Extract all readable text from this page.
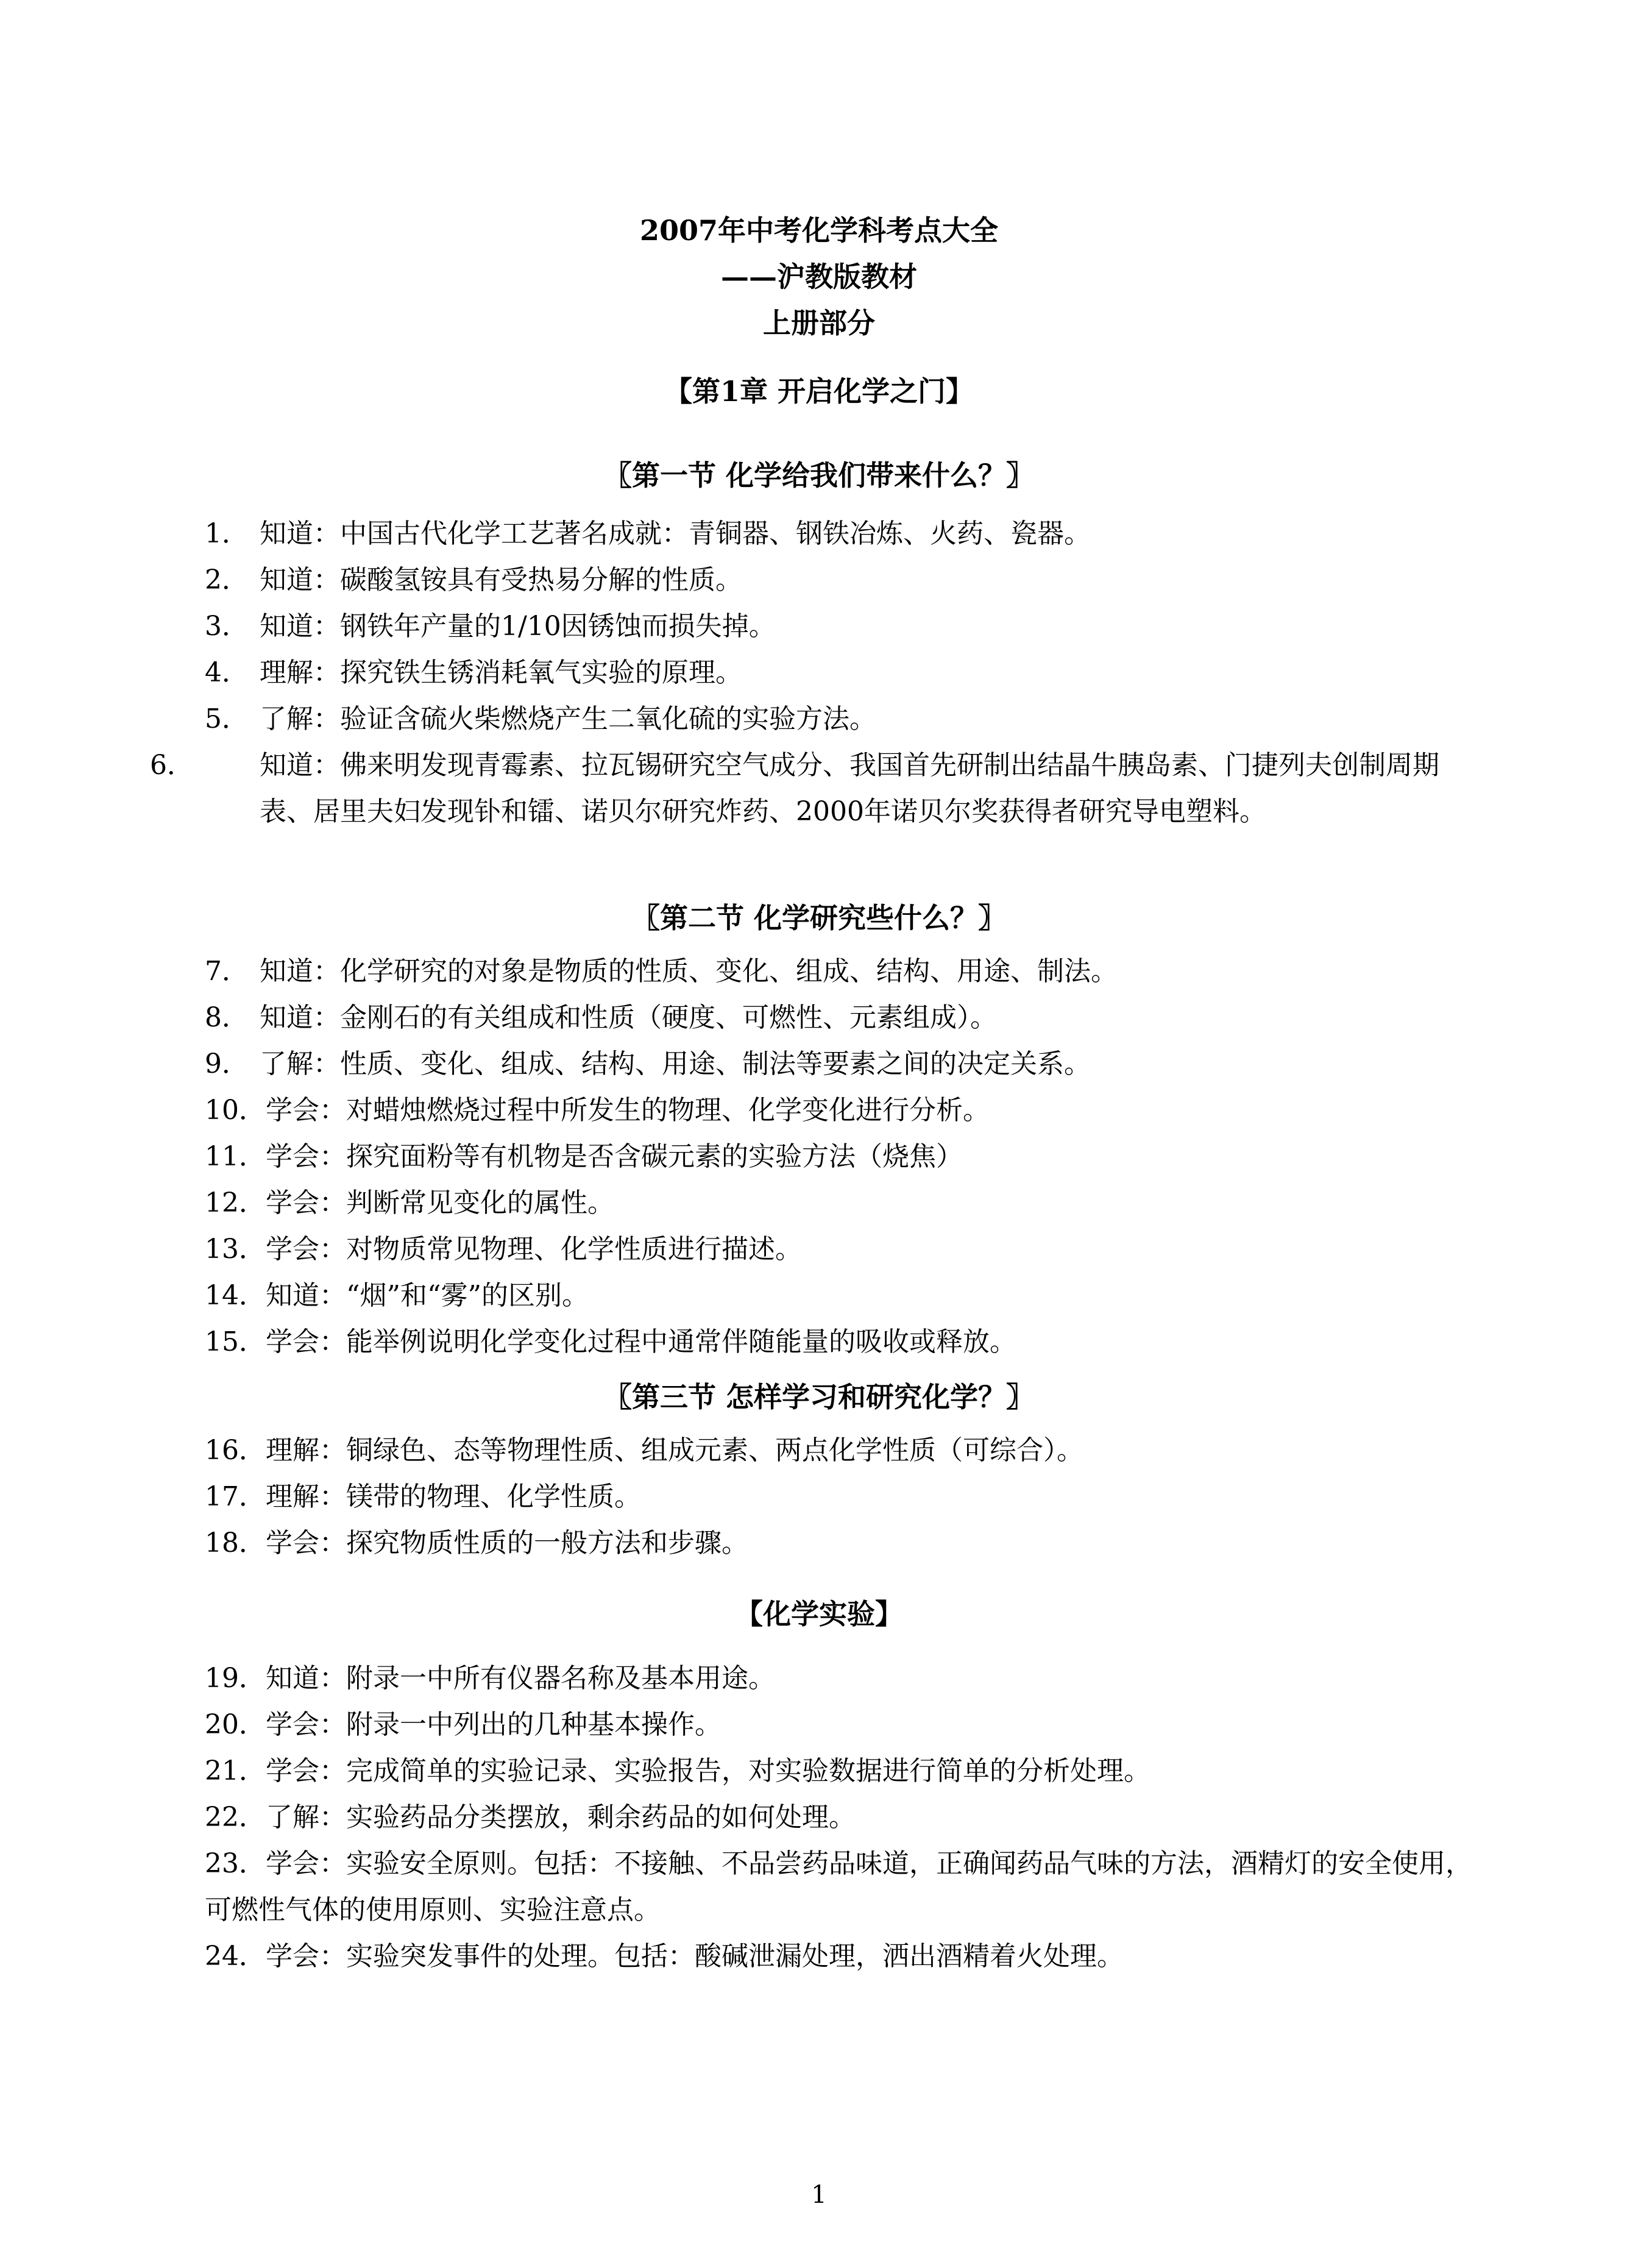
2007年中考化学科考点大全
——沪教版教材
上册部分
【第1章 开启化学之门】
〖第一节 化学给我们带来什么？〗
1． 知道：中国古代化学工艺著名成就：青铜器、钢铁冶炼、火药、瓷器。
2． 知道：碳酸氢铵具有受热易分解的性质。
3． 知道：钢铁年产量的1/10因锈蚀而损失掉。
4． 理解：探究铁生锈消耗氧气实验的原理。
5． 了解：验证含硫火柴燃烧产生二氧化硫的实验方法。
6． 知道：佛来明发现青霉素、拉瓦锡研究空气成分、我国首先研制出结晶牛胰岛素、门捷列夫创制周期表、居里夫妇发现钋和镭、诺贝尔研究炸药、2000年诺贝尔奖获得者研究导电塑料。
〖第二节 化学研究些什么？〗
7． 知道：化学研究的对象是物质的性质、变化、组成、结构、用途、制法。
8． 知道：金刚石的有关组成和性质（硬度、可燃性、元素组成）。
9． 了解：性质、变化、组成、结构、用途、制法等要素之间的决定关系。
10．学会：对蜡烛燃烧过程中所发生的物理、化学变化进行分析。
11．学会：探究面粉等有机物是否含碳元素的实验方法（烧焦）
12．学会：判断常见变化的属性。
13．学会：对物质常见物理、化学性质进行描述。
14．知道：“烟”和“雾”的区别。
15．学会：能举例说明化学变化过程中通常伴随能量的吸收或释放。
〖第三节 怎样学习和研究化学？〗
16．理解：铜绿色、态等物理性质、组成元素、两点化学性质（可综合）。
17．理解：镁带的物理、化学性质。
18．学会：探究物质性质的一般方法和步骤。
【化学实验】
19．知道：附录一中所有仪器名称及基本用途。
20．学会：附录一中列出的几种基本操作。
21．学会：完成简单的实验记录、实验报告，对实验数据进行简单的分析处理。
22．了解：实验药品分类摆放，剩余药品的如何处理。
23．学会：实验安全原则。包括：不接触、不品尝药品味道，正确闻药品气味的方法，酒精灯的安全使用，可燃性气体的使用原则、实验注意点。
24．学会：实验突发事件的处理。包括：酸碱泄漏处理，洒出酒精着火处理。
1
